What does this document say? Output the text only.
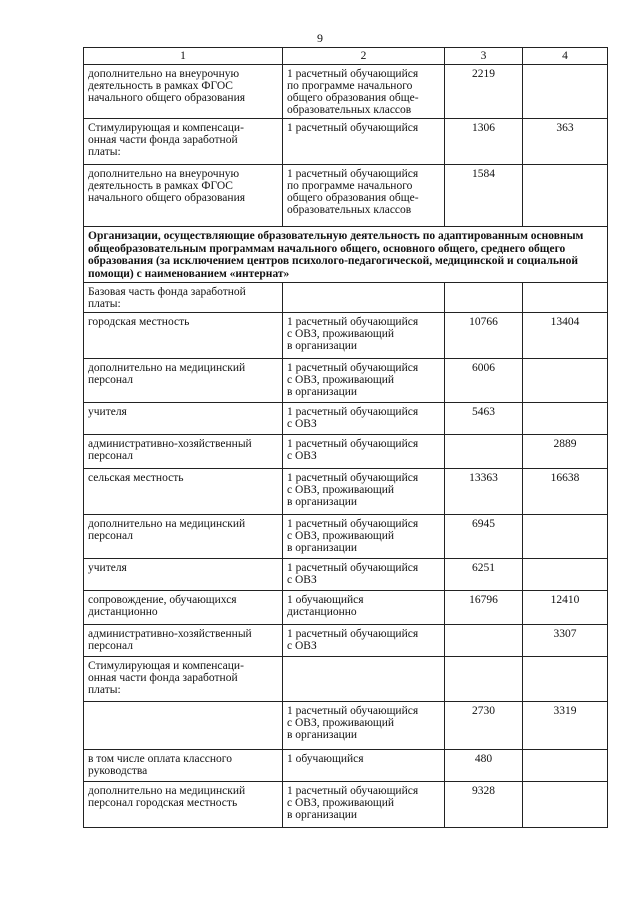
9
1	2	3	4
дополнительно на внеурочную
деятельность в рамках ФГОС
начального общего образования	1 расчетный обучающийся
по программе начального
общего образования обще-
образовательных классов	2219	
Стимулирующая и компенсаци-
онная части фонда заработной
платы:	1 расчетный обучающийся	1306	363
дополнительно на внеурочную
деятельность в рамках ФГОС
начального общего образования	1 расчетный обучающийся
по программе начального
общего образования обще-
образовательных классов	1584	
Организации, осуществляющие образовательную деятельность по адаптированным основным общеобразовательным программам начального общего, основного общего, среднего общего образования (за исключением центров психолого-педагогической, медицинской и социальной помощи) с наименованием «интернат»			
Базовая часть фонда заработной
платы:			
городская местность	1 расчетный обучающийся
с ОВЗ, проживающий
в организации	10766	13404
дополнительно на медицинский
персонал	1 расчетный обучающийся
с ОВЗ, проживающий
в организации	6006	
учителя	1 расчетный обучающийся
с ОВЗ	5463	
административно-хозяйственный
персонал	1 расчетный обучающийся
с ОВЗ		2889
сельская местность	1 расчетный обучающийся
с ОВЗ, проживающий
в организации	13363	16638
дополнительно на медицинский
персонал	1 расчетный обучающийся
с ОВЗ, проживающий
в организации	6945	
учителя	1 расчетный обучающийся
с ОВЗ	6251	
сопровождение, обучающихся
дистанционно	1 обучающийся
дистанционно	16796	12410
административно-хозяйственный
персонал	1 расчетный обучающийся
с ОВЗ		3307
Стимулирующая и компенсаци-
онная части фонда заработной
платы:			
	1 расчетный обучающийся
с ОВЗ, проживающий
в организации	2730	3319
в том числе оплата классного
руководства	1 обучающийся	480	
дополнительно на медицинский
персонал городская местность	1 расчетный обучающийся
с ОВЗ, проживающий
в организации	9328	
